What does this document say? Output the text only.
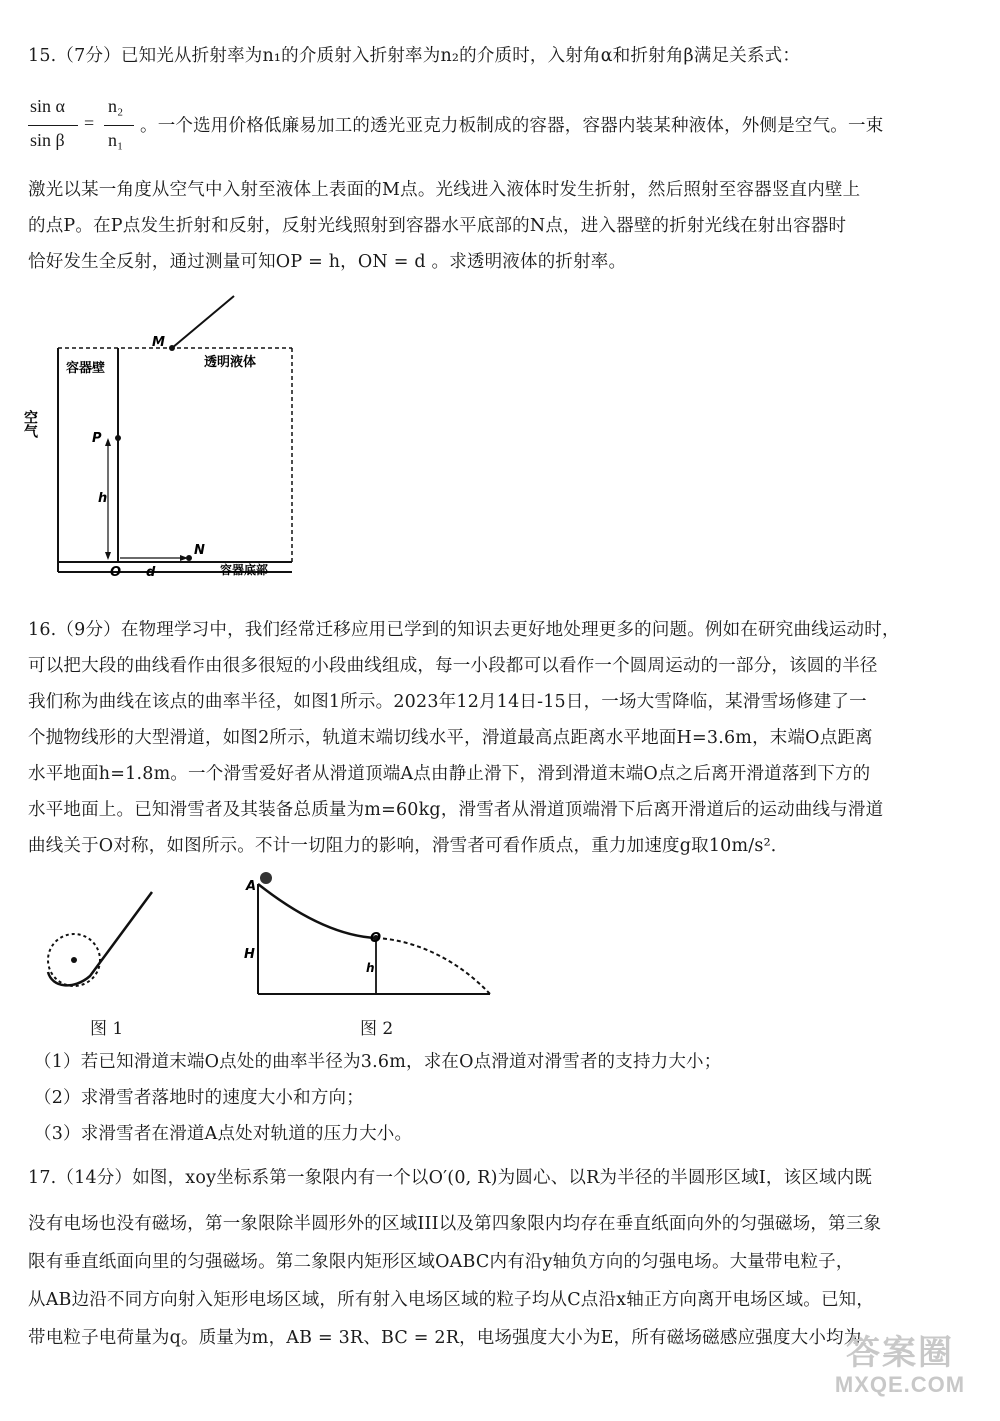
15.（7分）已知光从折射率为n₁的介质射入折射率为n₂的介质时，入射角α和折射角β满足关系式：
sin α
sin β
=
n₂
n₁
。一个选用价格低廉易加工的透光亚克力板制成的容器，容器内装某种液体，外侧是空气。一束
激光以某一角度从空气中入射至液体上表面的M点。光线进入液体时发生折射，然后照射至容器竖直内壁上
的点P。在P点发生折射和反射，反射光线照射到容器水平底部的N点，进入器壁的折射光线在射出容器时
恰好发生全反射，通过测量可知OP = h，ON = d 。求透明液体的折射率。
M
容器壁	透明液体
空气
P
h
N
O d	容器底部
16.（9分）在物理学习中，我们经常迁移应用已学到的知识去更好地处理更多的问题。例如在研究曲线运动时，
可以把大段的曲线看作由很多很短的小段曲线组成，每一小段都可以看作一个圆周运动的一部分，该圆的半径
我们称为曲线在该点的曲率半径，如图1所示。2023年12月14日-15日，一场大雪降临，某滑雪场修建了一
个抛物线形的大型滑道，如图2所示，轨道末端切线水平，滑道最高点距离水平地面H=3.6m，末端O点距离
水平地面h=1.8m。一个滑雪爱好者从滑道顶端A点由静止滑下，滑到滑道末端O点之后离开滑道落到下方的
水平地面上。已知滑雪者及其装备总质量为m=60kg，滑雪者从滑道顶端滑下后离开滑道后的运动曲线与滑道
曲线关于O对称，如图所示。不计一切阻力的影响，滑雪者可看作质点，重力加速度g取10m/s²．
图 1
A
H
O
h
图 2
（1）若已知滑道末端O点处的曲率半径为3.6m，求在O点滑道对滑雪者的支持力大小；
（2）求滑雪者落地时的速度大小和方向；
（3）求滑雪者在滑道A点处对轨道的压力大小。
17.（14分）如图，xoy坐标系第一象限内有一个以O′(0, R)为圆心、以R为半径的半圆形区域I，该区域内既
没有电场也没有磁场，第一象限除半圆形外的区域III以及第四象限内均存在垂直纸面向外的匀强磁场，第三象
限有垂直纸面向里的匀强磁场。第二象限内矩形区域OABC内有沿y轴负方向的匀强电场。大量带电粒子，
从AB边沿不同方向射入矩形电场区域，所有射入电场区域的粒子均从C点沿x轴正方向离开电场区域。已知，
带电粒子电荷量为q。质量为m，AB = 3R、BC = 2R，电场强度大小为E，所有磁场磁感应强度大小均为
答案圈
MXQE.COM
